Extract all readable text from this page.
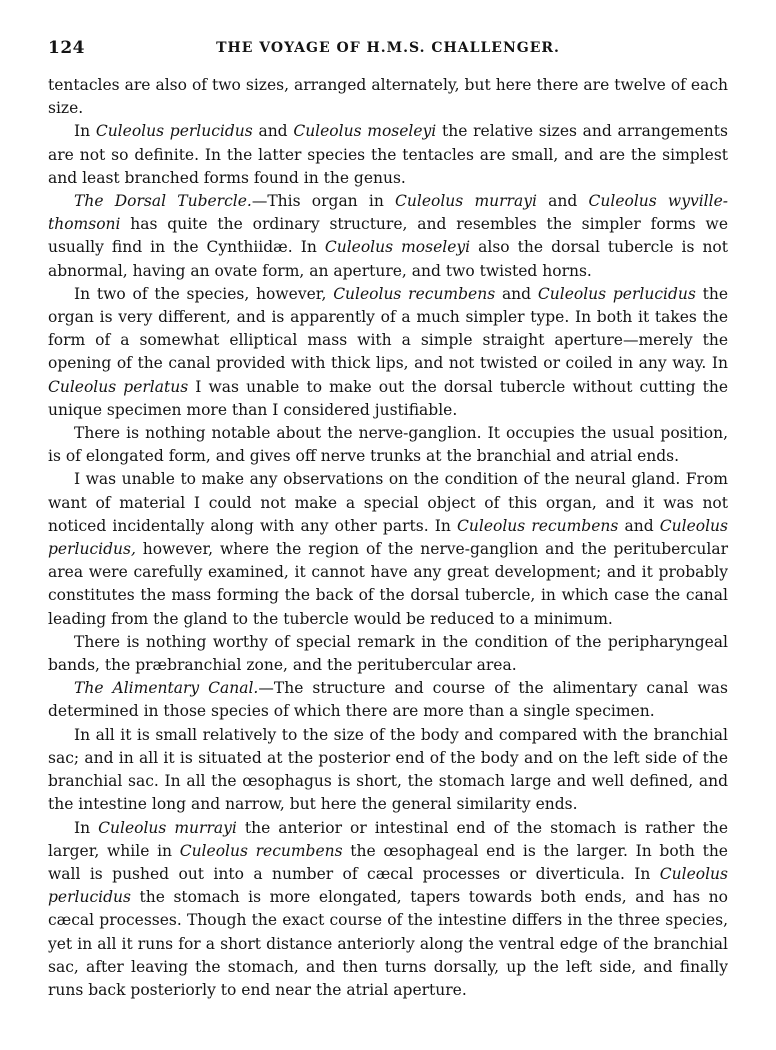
124	THE VOYAGE OF H.M.S. CHALLENGER.

tentacles are also of two sizes, arranged alternately, but here there are twelve of each size.

In Culeolus perlucidus and Culeolus moseleyi the relative sizes and arrangements are not so definite. In the latter species the tentacles are small, and are the simplest and least branched forms found in the genus.

The Dorsal Tubercle.—This organ in Culeolus murrayi and Culeolus wyville-thomsoni has quite the ordinary structure, and resembles the simpler forms we usually find in the Cynthiidæ. In Culeolus moseleyi also the dorsal tubercle is not abnormal, having an ovate form, an aperture, and two twisted horns.

In two of the species, however, Culeolus recumbens and Culeolus perlucidus the organ is very different, and is apparently of a much simpler type. In both it takes the form of a somewhat elliptical mass with a simple straight aperture—merely the opening of the canal provided with thick lips, and not twisted or coiled in any way. In Culeolus perlatus I was unable to make out the dorsal tubercle without cutting the unique specimen more than I considered justifiable.

There is nothing notable about the nerve-ganglion. It occupies the usual position, is of elongated form, and gives off nerve trunks at the branchial and atrial ends.

I was unable to make any observations on the condition of the neural gland. From want of material I could not make a special object of this organ, and it was not noticed incidentally along with any other parts. In Culeolus recumbens and Culeolus perlucidus, however, where the region of the nerve-ganglion and the peritubercular area were carefully examined, it cannot have any great development; and it probably constitutes the mass forming the back of the dorsal tubercle, in which case the canal leading from the gland to the tubercle would be reduced to a minimum.

There is nothing worthy of special remark in the condition of the peripharyngeal bands, the præbranchial zone, and the peritubercular area.

The Alimentary Canal.—The structure and course of the alimentary canal was determined in those species of which there are more than a single specimen.

In all it is small relatively to the size of the body and compared with the branchial sac; and in all it is situated at the posterior end of the body and on the left side of the branchial sac. In all the œsophagus is short, the stomach large and well defined, and the intestine long and narrow, but here the general similarity ends.

In Culeolus murrayi the anterior or intestinal end of the stomach is rather the larger, while in Culeolus recumbens the œsophageal end is the larger. In both the wall is pushed out into a number of cæcal processes or diverticula. In Culeolus perlucidus the stomach is more elongated, tapers towards both ends, and has no cæcal processes. Though the exact course of the intestine differs in the three species, yet in all it runs for a short distance anteriorly along the ventral edge of the branchial sac, after leaving the stomach, and then turns dorsally, up the left side, and finally runs back posteriorly to end near the atrial aperture.
